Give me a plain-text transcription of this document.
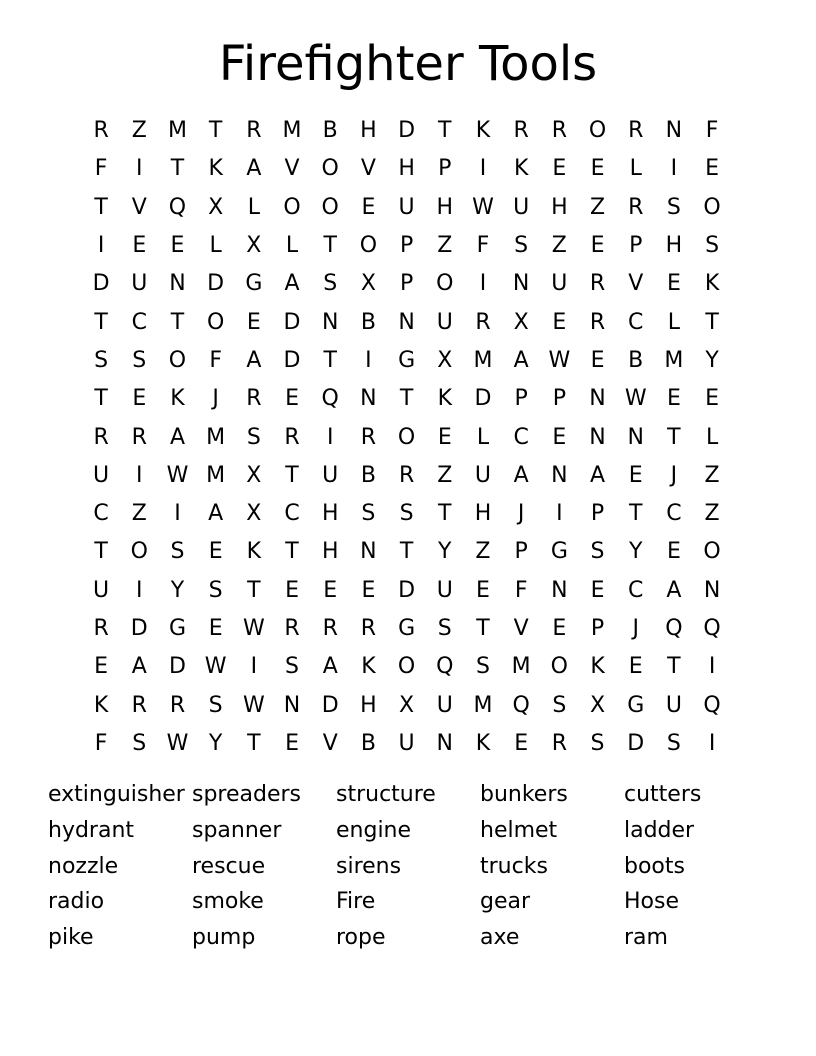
Firefighter Tools
R	Z M T	R M B	H D	T	K	R	R O R	N	F
F	I	T	K	A	V O	V	H	P	I	K	E	E	L	I	E
T	V Q X	L	O O	E	U H W U H	Z	R	S	O
I	E	E	L	X	L	T	O	P	Z	F	S	Z	E	P	H	S
D U N D G	A	S	X	P	O	I	N U	R	V	E	K
T	C	T	O	E	D N	B	N U	R	X	E	R	C	L	T
S	S	O	F	A	D	T	I	G	X M A W E	B M Y
T	E	K	J	R	E	Q N	T	K	D	P	P	N W E	E
R	R	A M S	R	I	R O	E	L	C	E	N N	T	L
U	I	W M X	T	U	B	R	Z	U	A	N	A	E	J	Z
C	Z	I	A	X	C	H	S	S	T	H	J	I	P	T	C	Z
T	O	S	E	K	T	H N	T	Y	Z	P	G	S	Y	E	O
U	I	Y	S	T	E	E	E	D U	E	F	N	E	C	A	N
R	D G	E W R	R	R	G	S	T	V	E	P	J	Q Q
E	A	D W	I	S	A	K	O Q	S M O	K	E	T	I
K	R	R	S W N D H	X	U M Q	S	X	G U Q
F	S W Y	T	E	V	B	U N	K	E	R	S	D	S	I
extinguisher spreaders	structure	bunkers	cutters
hydrant	spanner	engine	helmet	ladder
nozzle	rescue	sirens	trucks	boots
radio	smoke	Fire	gear	Hose
pike	pump	rope	axe	ram
